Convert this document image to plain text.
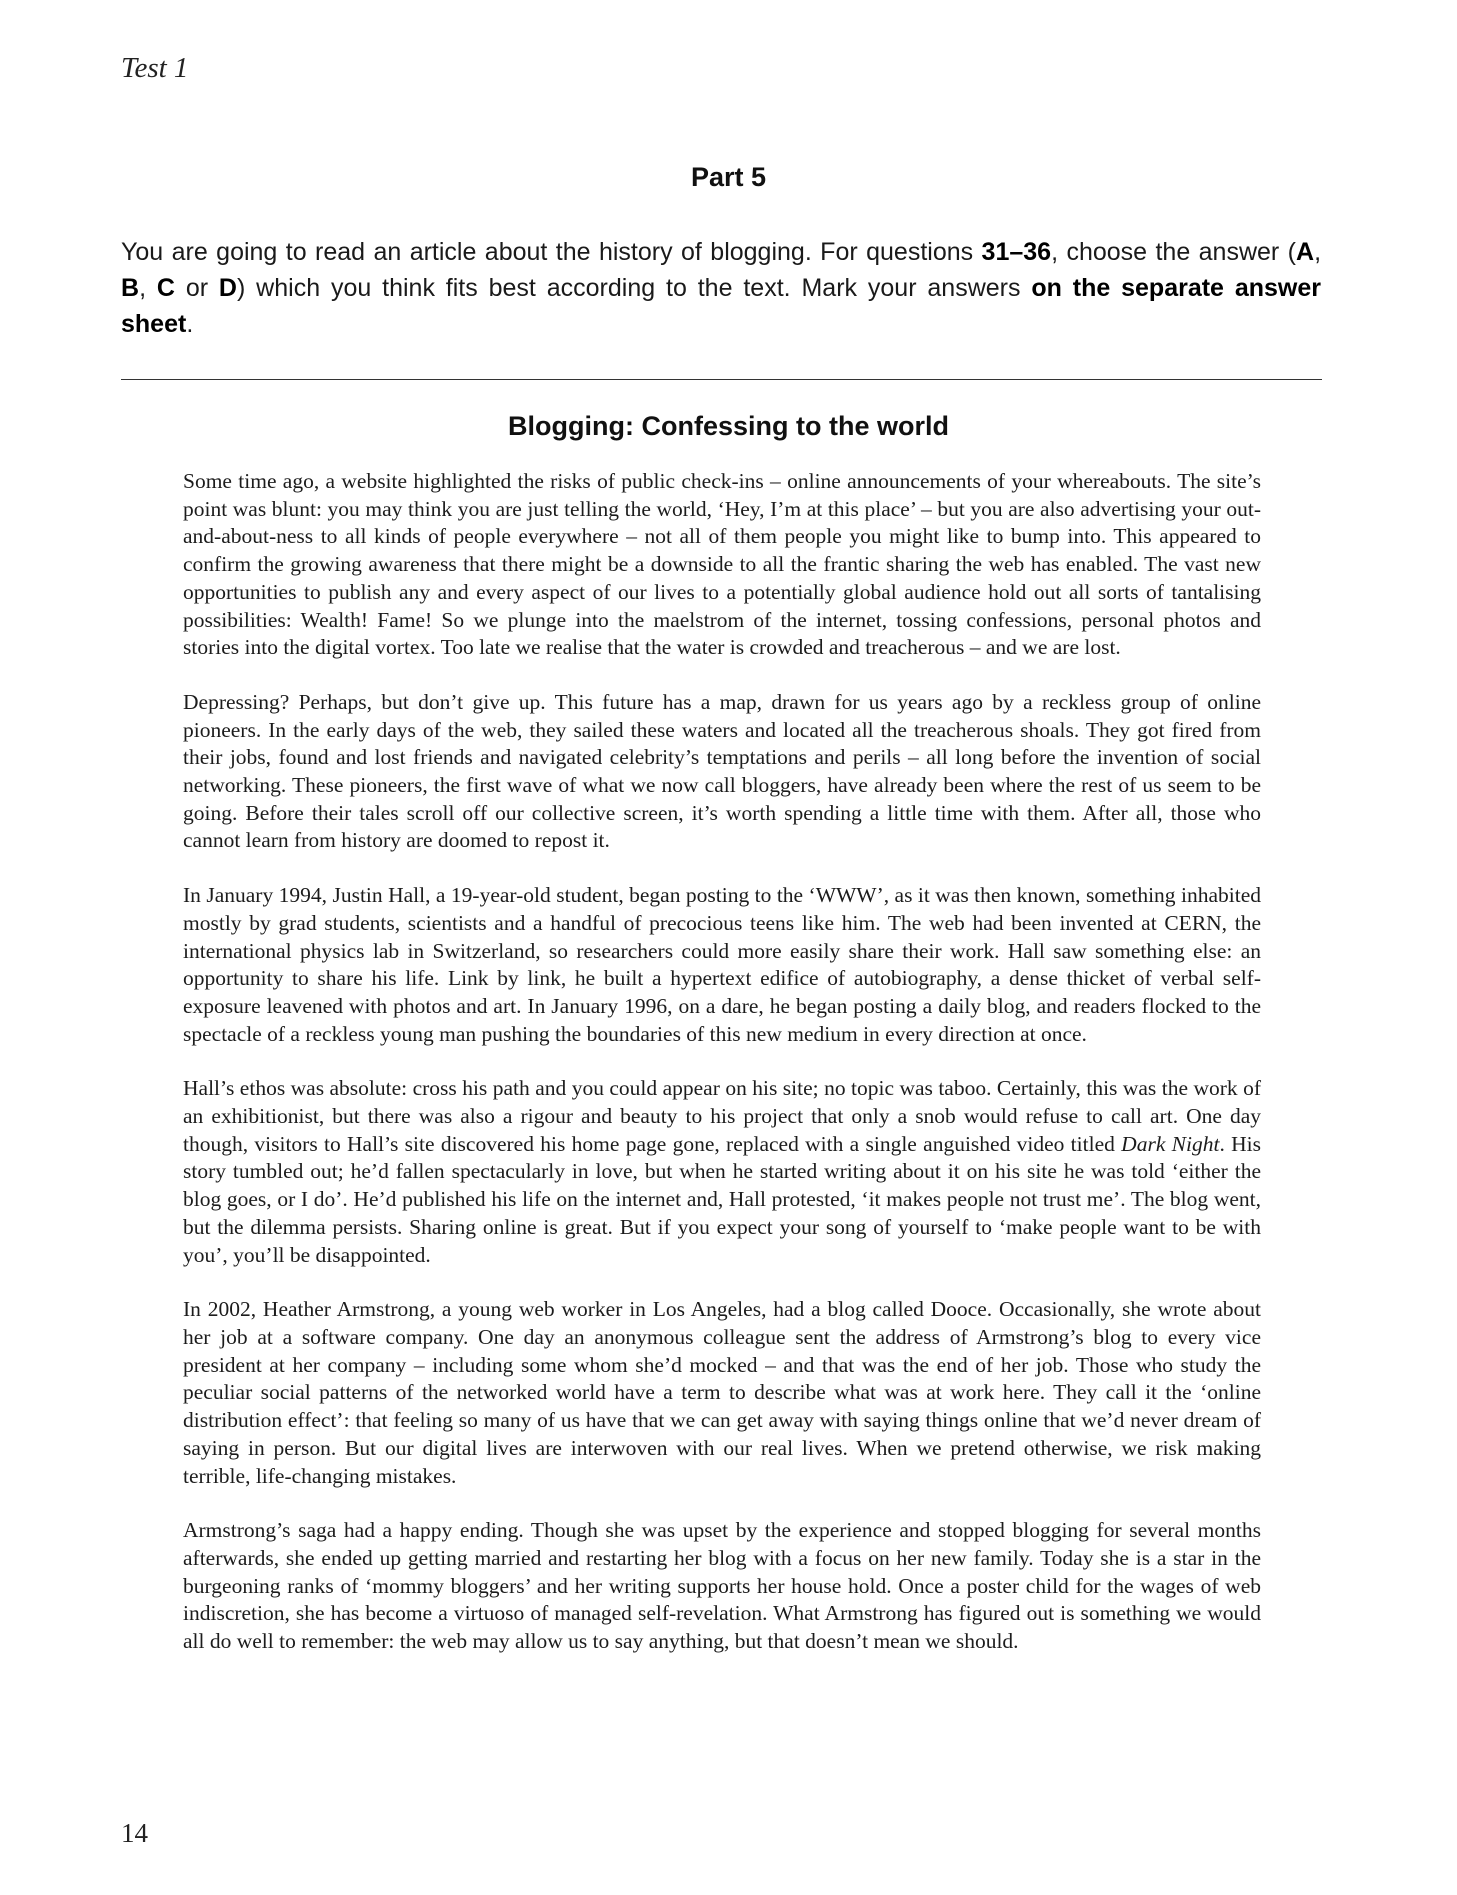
Test 1
Part 5
You are going to read an article about the history of blogging. For questions 31–36, choose the answer (A, B, C or D) which you think fits best according to the text. Mark your answers on the separate answer sheet.
Blogging: Confessing to the world

Some time ago, a website highlighted the risks of public check-ins – online announcements of your whereabouts. The site’s point was blunt: you may think you are just telling the world, ‘Hey, I’m at this place’ – but you are also advertising your out-and-about-ness to all kinds of people everywhere – not all of them people you might like to bump into. This appeared to confirm the growing awareness that there might be a downside to all the frantic sharing the web has enabled. The vast new opportunities to publish any and every aspect of our lives to a potentially global audience hold out all sorts of tantalising possibilities: Wealth! Fame! So we plunge into the maelstrom of the internet, tossing confessions, personal photos and stories into the digital vortex. Too late we realise that the water is crowded and treacherous – and we are lost.

Depressing? Perhaps, but don’t give up. This future has a map, drawn for us years ago by a reckless group of online pioneers. In the early days of the web, they sailed these waters and located all the treacherous shoals. They got fired from their jobs, found and lost friends and navigated celebrity’s temptations and perils – all long before the invention of social networking. These pioneers, the first wave of what we now call bloggers, have already been where the rest of us seem to be going. Before their tales scroll off our collective screen, it’s worth spending a little time with them. After all, those who cannot learn from history are doomed to repost it.

In January 1994, Justin Hall, a 19-year-old student, began posting to the ‘WWW’, as it was then known, something inhabited mostly by grad students, scientists and a handful of precocious teens like him. The web had been invented at CERN, the international physics lab in Switzerland, so researchers could more easily share their work. Hall saw something else: an opportunity to share his life. Link by link, he built a hypertext edifice of autobiography, a dense thicket of verbal self-exposure leavened with photos and art. In January 1996, on a dare, he began posting a daily blog, and readers flocked to the spectacle of a reckless young man pushing the boundaries of this new medium in every direction at once.

Hall’s ethos was absolute: cross his path and you could appear on his site; no topic was taboo. Certainly, this was the work of an exhibitionist, but there was also a rigour and beauty to his project that only a snob would refuse to call art. One day though, visitors to Hall’s site discovered his home page gone, replaced with a single anguished video titled Dark Night. His story tumbled out; he’d fallen spectacularly in love, but when he started writing about it on his site he was told ‘either the blog goes, or I do’. He’d published his life on the internet and, Hall protested, ‘it makes people not trust me’. The blog went, but the dilemma persists. Sharing online is great. But if you expect your song of yourself to ‘make people want to be with you’, you’ll be disappointed.

In 2002, Heather Armstrong, a young web worker in Los Angeles, had a blog called Dooce. Occasionally, she wrote about her job at a software company. One day an anonymous colleague sent the address of Armstrong’s blog to every vice president at her company – including some whom she’d mocked – and that was the end of her job. Those who study the peculiar social patterns of the networked world have a term to describe what was at work here. They call it the ‘online distribution effect’: that feeling so many of us have that we can get away with saying things online that we’d never dream of saying in person. But our digital lives are interwoven with our real lives. When we pretend otherwise, we risk making terrible, life-changing mistakes.

Armstrong’s saga had a happy ending. Though she was upset by the experience and stopped blogging for several months afterwards, she ended up getting married and restarting her blog with a focus on her new family. Today she is a star in the burgeoning ranks of ‘mommy bloggers’ and her writing supports her house hold. Once a poster child for the wages of web indiscretion, she has become a virtuoso of managed self-revelation. What Armstrong has figured out is something we would all do well to remember: the web may allow us to say anything, but that doesn’t mean we should.

14
